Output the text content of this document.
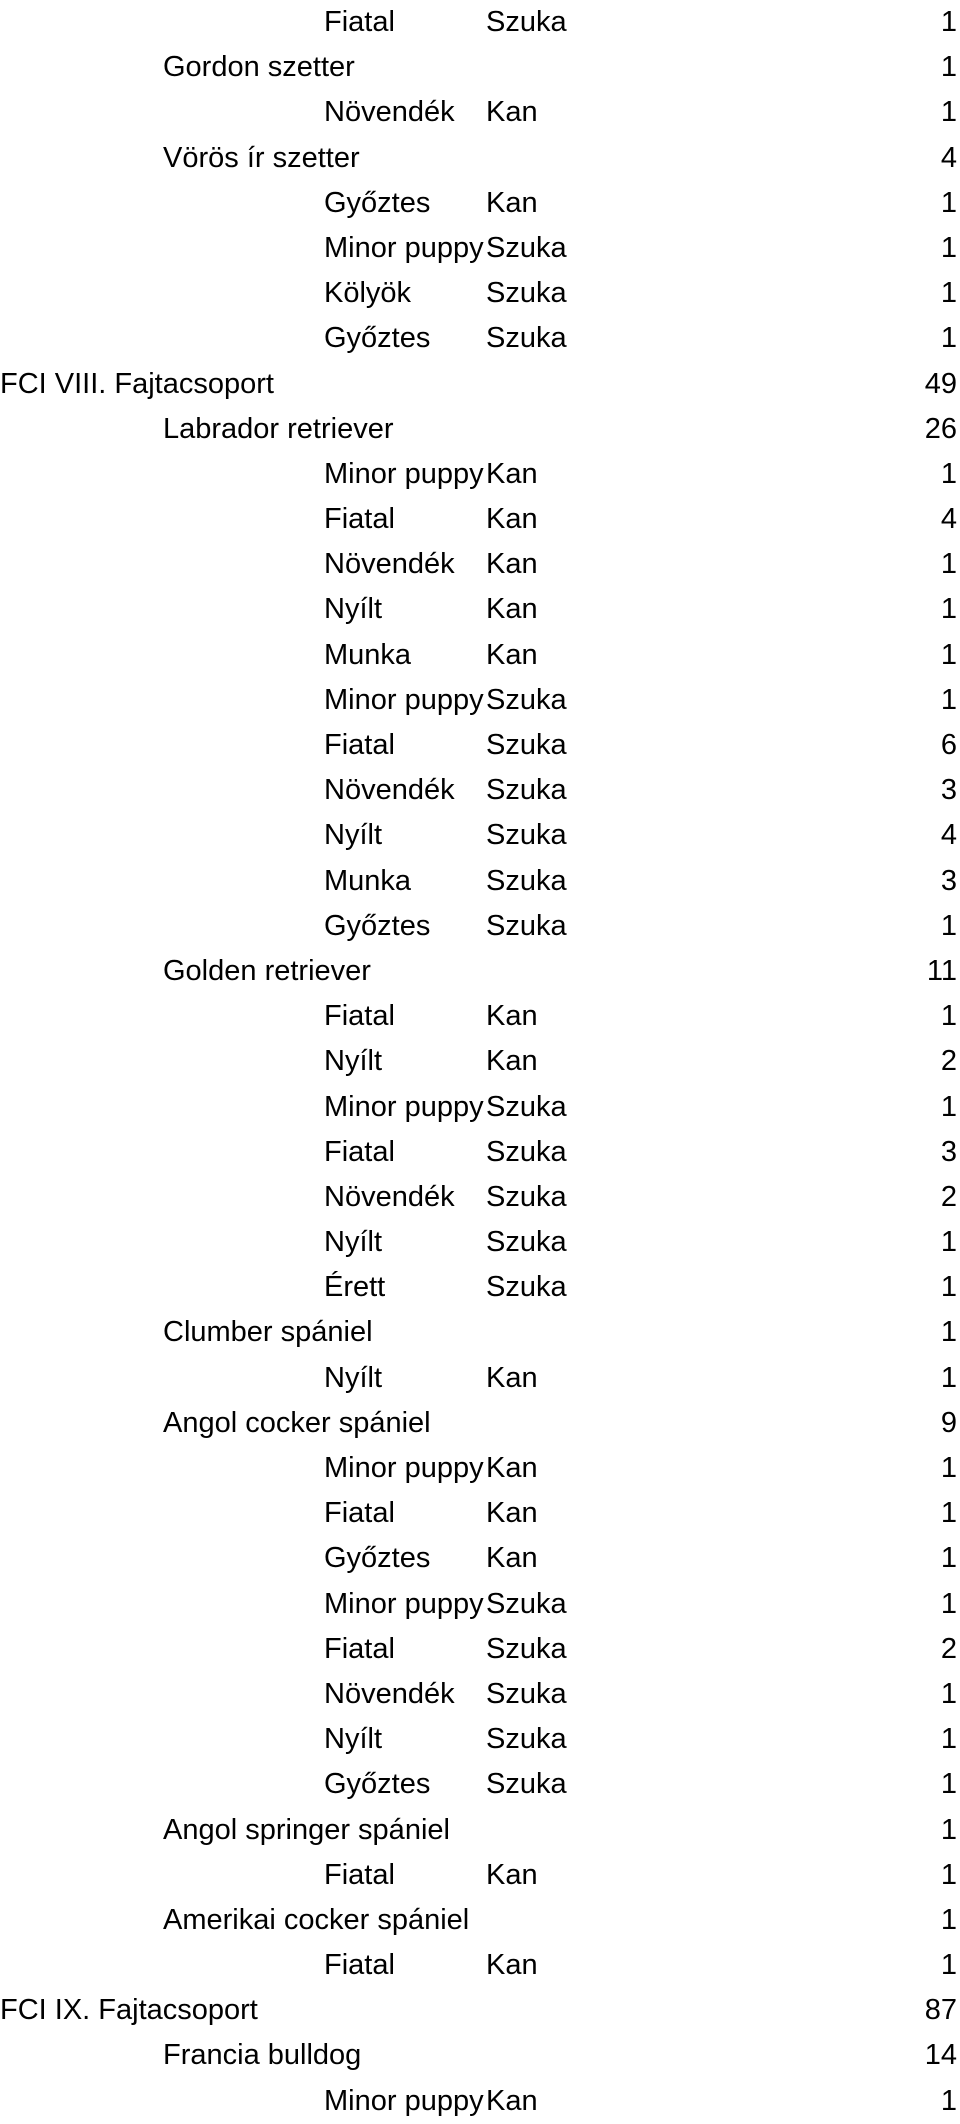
Fiatal	Szuka	1
Gordon szetter	1
Növendék	Kan	1
Vörös ír szetter	4
Győztes	Kan	1
Minor puppy Szuka	1
Kölyök	Szuka	1
Győztes	Szuka	1
FCI VIII. Fajtacsoport	49
Labrador retriever	26
Minor puppy Kan	1
Fiatal	Kan	4
Növendék	Kan	1
Nyílt	Kan	1
Munka	Kan	1
Minor puppy Szuka	1
Fiatal	Szuka	6
Növendék	Szuka	3
Nyílt	Szuka	4
Munka	Szuka	3
Győztes	Szuka	1
Golden retriever	11
Fiatal	Kan	1
Nyílt	Kan	2
Minor puppy Szuka	1
Fiatal	Szuka	3
Növendék	Szuka	2
Nyílt	Szuka	1
Érett	Szuka	1
Clumber spániel	1
Nyílt	Kan	1
Angol cocker spániel	9
Minor puppy Kan	1
Fiatal	Kan	1
Győztes	Kan	1
Minor puppy Szuka	1
Fiatal	Szuka	2
Növendék	Szuka	1
Nyílt	Szuka	1
Győztes	Szuka	1
Angol springer spániel	1
Fiatal	Kan	1
Amerikai cocker spániel	1
Fiatal	Kan	1
FCI IX. Fajtacsoport	87
Francia bulldog	14
Minor puppy Kan	1
